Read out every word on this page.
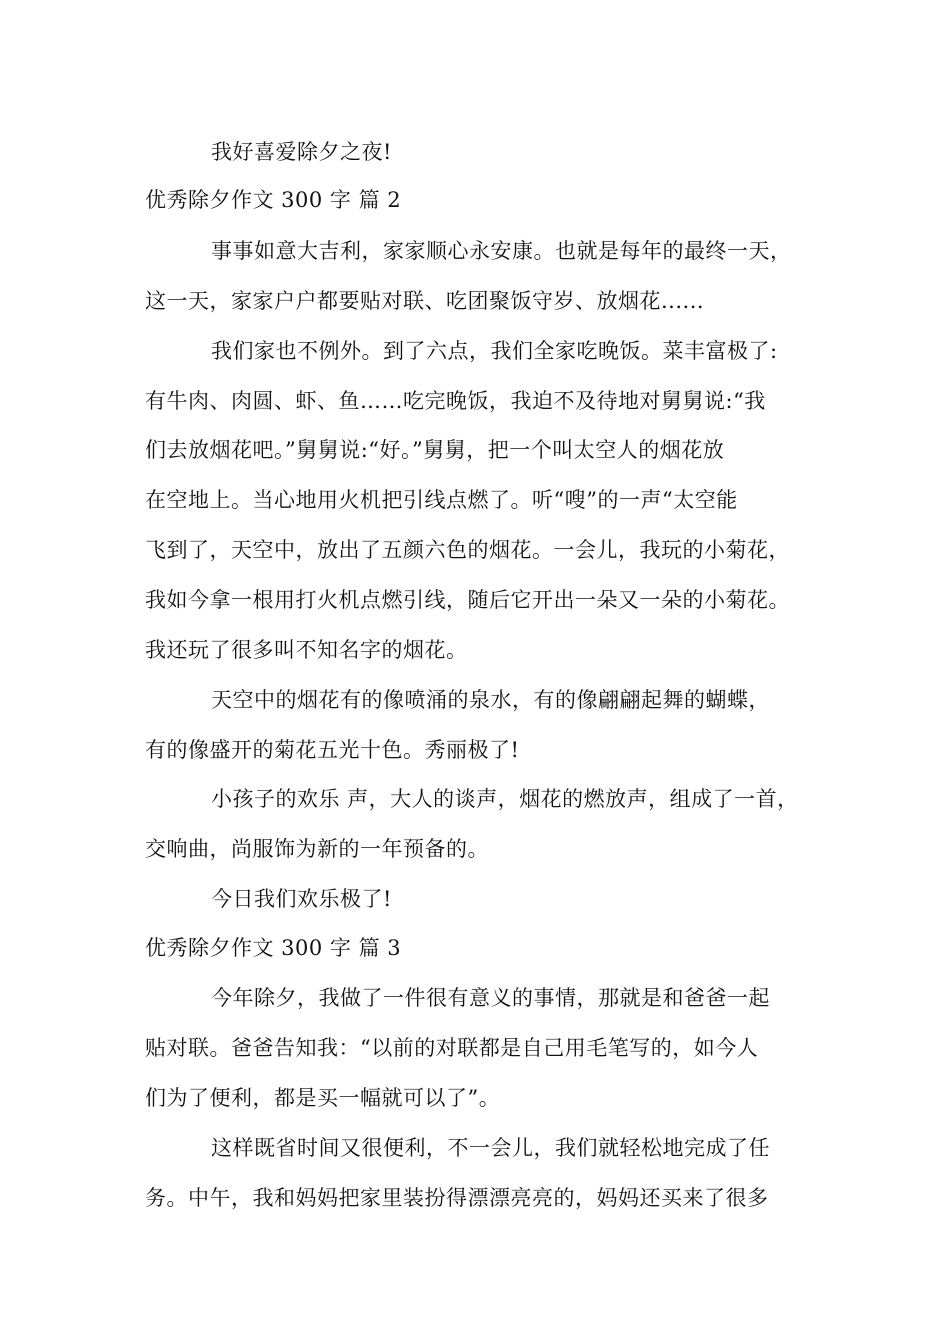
我好喜爱除夕之夜!
优秀除夕作文 300 字 篇 2
事事如意大吉利，家家顺心永安康。也就是每年的最终一天，
这一天，家家户户都要贴对联、吃团聚饭守岁、放烟花......
我们家也不例外。到了六点，我们全家吃晚饭。菜丰富极了:
有牛肉、肉圆、虾、鱼……吃完晚饭，我迫不及待地对舅舅说:“我
们去放烟花吧。”舅舅说:“好。”舅舅，把一个叫太空人的烟花放
在空地上。当心地用火机把引线点燃了。听“嗖”的一声“太空能
飞到了，天空中，放出了五颜六色的烟花。一会儿，我玩的小菊花，
我如今拿一根用打火机点燃引线，随后它开出一朵又一朵的小菊花。
我还玩了很多叫不知名字的烟花。
天空中的烟花有的像喷涌的泉水，有的像翩翩起舞的蝴蝶，
有的像盛开的菊花五光十色。秀丽极了!
小孩子的欢乐 声，大人的谈声，烟花的燃放声，组成了一首，
交响曲，尚服饰为新的一年预备的。
今日我们欢乐极了!
优秀除夕作文 300 字 篇 3
今年除夕，我做了一件很有意义的事情，那就是和爸爸一起
贴对联。爸爸告知我：“以前的对联都是自己用毛笔写的，如今人
们为了便利，都是买一幅就可以了”。
这样既省时间又很便利，不一会儿，我们就轻松地完成了任
务。中午，我和妈妈把家里装扮得漂漂亮亮的，妈妈还买来了很多
